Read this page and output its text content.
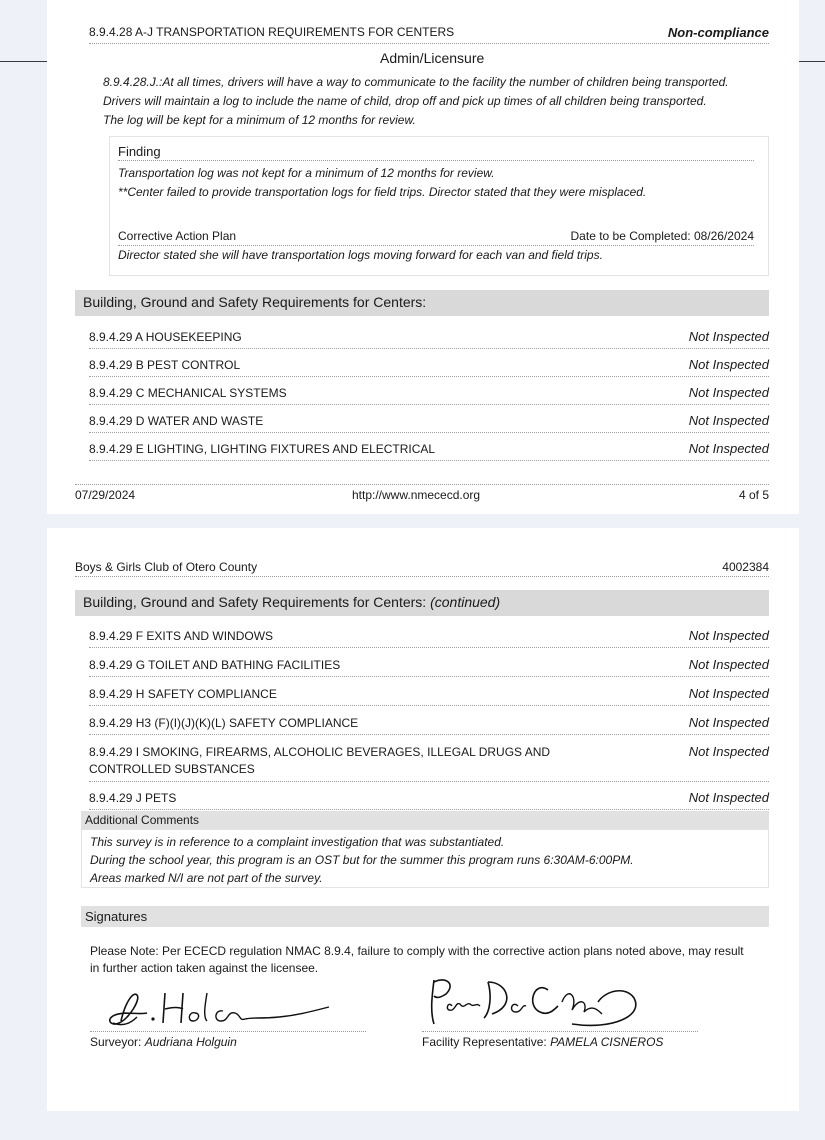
8.9.4.28 A-J TRANSPORTATION REQUIREMENTS FOR CENTERS	Non-compliance
Admin/Licensure
8.9.4.28.J.:At all times, drivers will have a way to communicate to the facility the number of children being transported.
Drivers will maintain a log to include the name of child, drop off and pick up times of all children being transported.
The log will be kept for a minimum of 12 months for review.
Finding
Transportation log was not kept for a minimum of 12 months for review.
**Center failed to provide transportation logs for field trips. Director stated that they were misplaced.
Corrective Action Plan	Date to be Completed: 08/26/2024
Director stated she will have transportation logs moving forward for each van and field trips.
Building, Ground and Safety Requirements for Centers:
8.9.4.29 A HOUSEKEEPING	Not Inspected
8.9.4.29 B PEST CONTROL	Not Inspected
8.9.4.29 C MECHANICAL SYSTEMS	Not Inspected
8.9.4.29 D WATER AND WASTE	Not Inspected
8.9.4.29 E LIGHTING, LIGHTING FIXTURES AND ELECTRICAL	Not Inspected
07/29/2024	http://www.nmececd.org	4 of 5
Boys & Girls Club of Otero County	4002384
Building, Ground and Safety Requirements for Centers: (continued)
8.9.4.29 F EXITS AND WINDOWS	Not Inspected
8.9.4.29 G TOILET AND BATHING FACILITIES	Not Inspected
8.9.4.29 H SAFETY COMPLIANCE	Not Inspected
8.9.4.29 H3 (F)(I)(J)(K)(L) SAFETY COMPLIANCE	Not Inspected
8.9.4.29 I SMOKING, FIREARMS, ALCOHOLIC BEVERAGES, ILLEGAL DRUGS AND CONTROLLED SUBSTANCES
Not Inspected
8.9.4.29 J PETS	Not Inspected
Additional Comments
This survey is in reference to a complaint investigation that was substantiated.
During the school year, this program is an OST but for the summer this program runs 6:30AM-6:00PM.
Areas marked N/I are not part of the survey.
Signatures
Please Note: Per ECECD regulation NMAC 8.9.4, failure to comply with the corrective action plans noted above, may result
in further action taken against the licensee.
Surveyor: Audriana Holguin	Facility Representative: PAMELA CISNEROS
